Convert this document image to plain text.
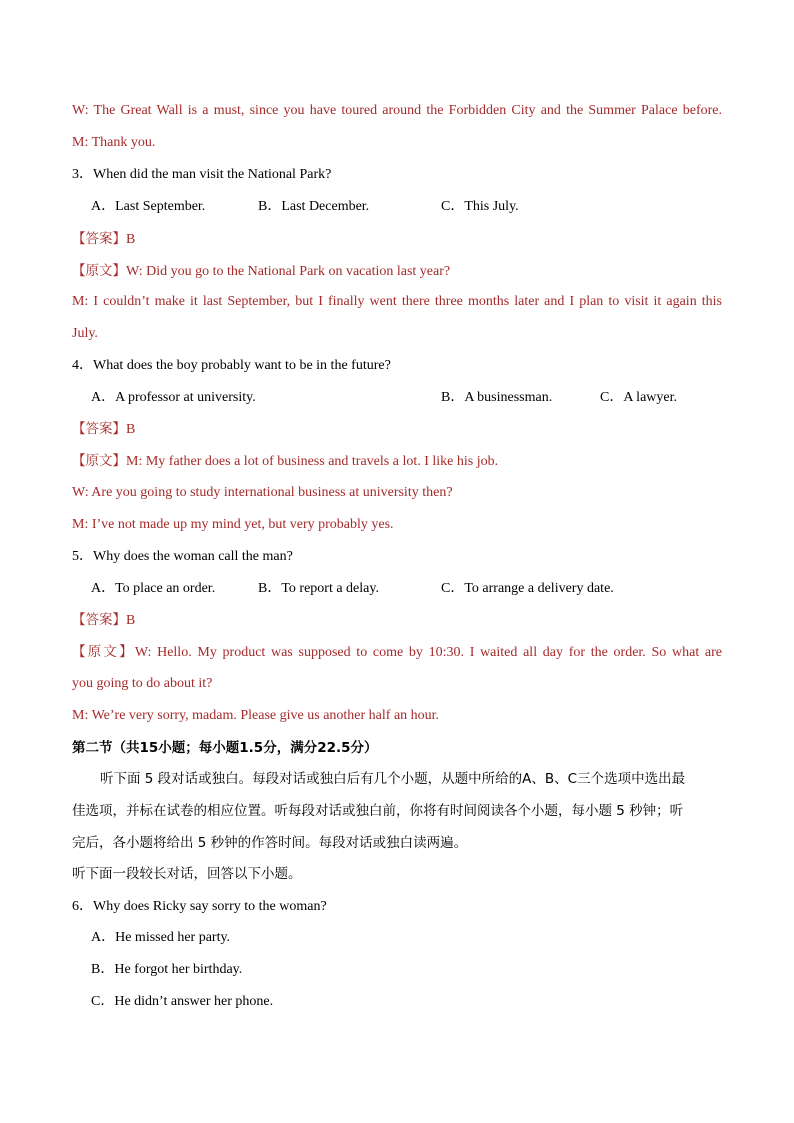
W: The Great Wall is a must, since you have toured around the Forbidden City and the Summer Palace before.
M: Thank you.
3．When did the man visit the National Park?
A．Last September.	B．Last December.	C．This July.
【答案】B
【原文】W: Did you go to the National Park on vacation last year?
M: I couldn’t make it last September, but I finally went there three months later and I plan to visit it again this
July.
4．What does the boy probably want to be in the future?
A．A professor at university.	B．A businessman.	C．A lawyer.
【答案】B
【原文】M: My father does a lot of business and travels a lot. I like his job.
W: Are you going to study international business at university then?
M: I’ve not made up my mind yet, but very probably yes.
5．Why does the woman call the man?
A．To place an order.	B．To report a delay.	C．To arrange a delivery date.
【答案】B
【原文】W: Hello. My product was supposed to come by 10:30. I waited all day for the order. So what are
you going to do about it?
M: We’re very sorry, madam. Please give us another half an hour.
第二节（共15小题；每小题1.5分，满分22.5分）
听下面 5 段对话或独白。每段对话或独白后有几个小题，从题中所给的A、B、C三个选项中选出最
佳选项，并标在试卷的相应位置。听每段对话或独白前，你将有时间阅读各个小题，每小题 5 秒钟；听
完后，各小题将给出 5 秒钟的作答时间。每段对话或独白读两遍。
听下面一段较长对话，回答以下小题。
6．Why does Ricky say sorry to the woman?
A．He missed her party.
B．He forgot her birthday.
C．He didn’t answer her phone.
